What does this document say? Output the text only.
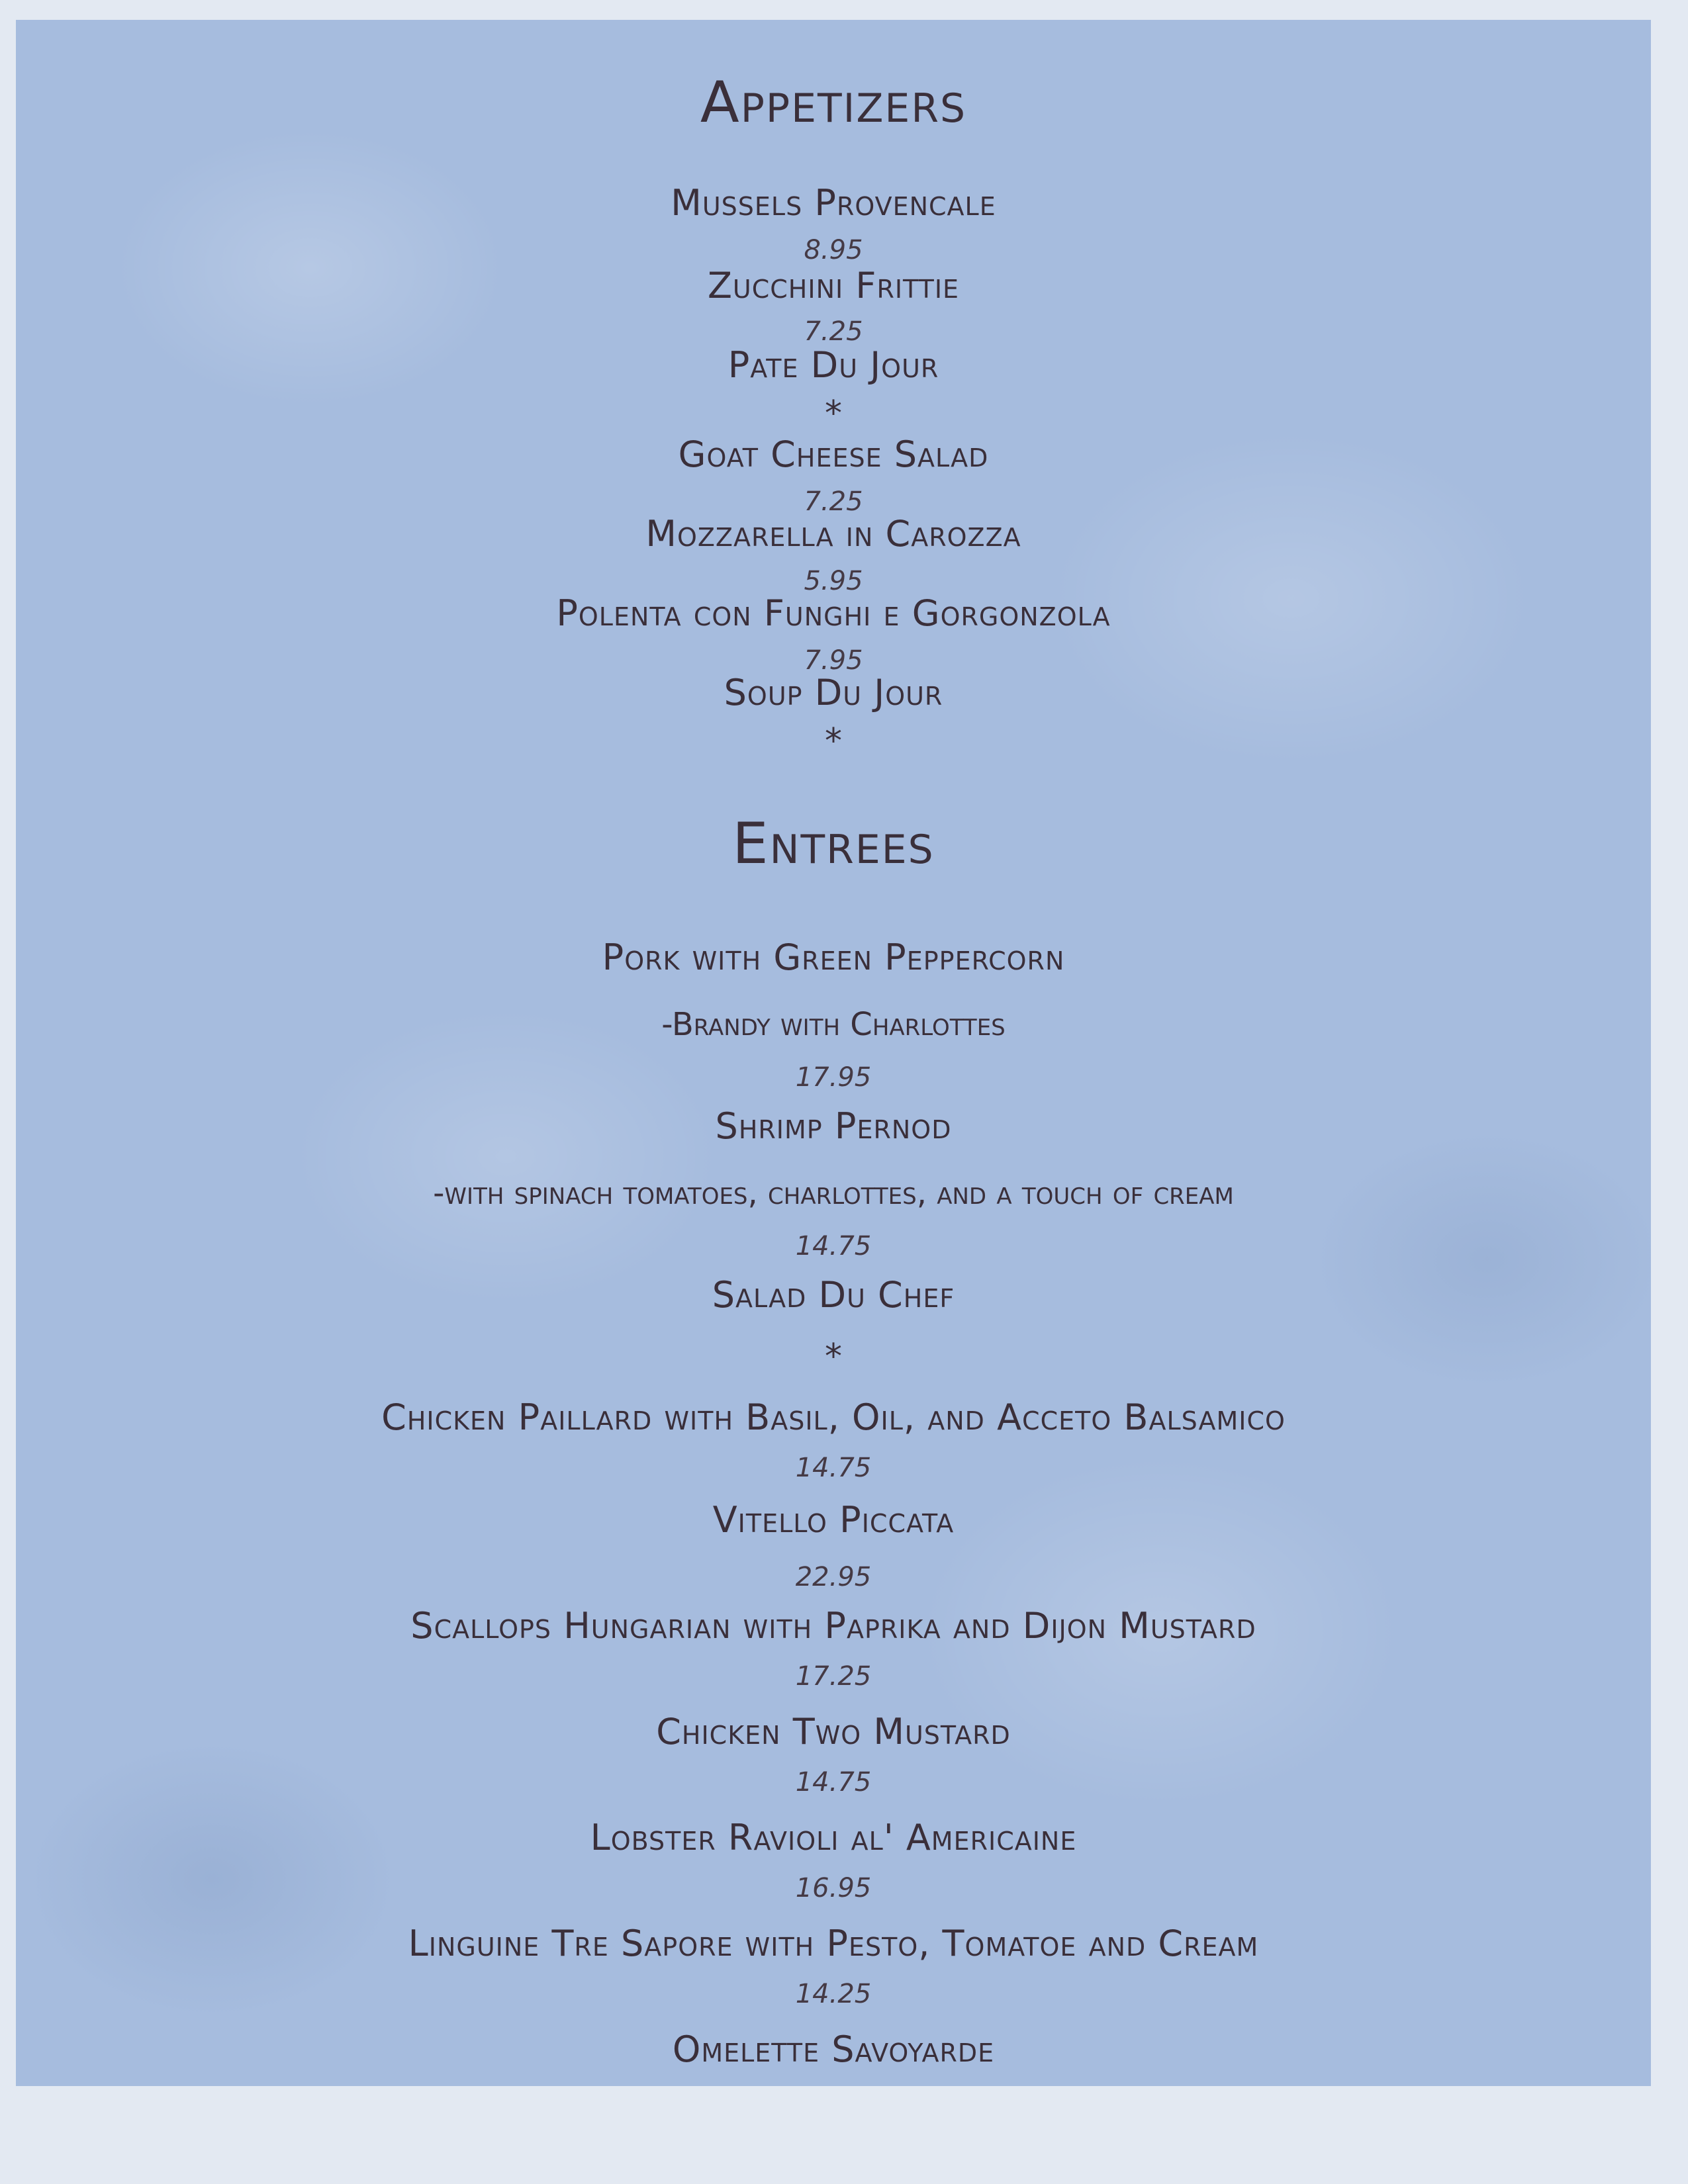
Appetizers
Mussels Provencale
8.95
Zucchini Frittie
7.25
Pate Du Jour
*
Goat Cheese Salad
7.25
Mozzarella in Carozza
5.95
Polenta con Funghi e Gorgonzola
7.95
Soup Du Jour
*
Entrees
Pork with Green Peppercorn
-Brandy with Charlottes
17.95
Shrimp Pernod
-with spinach tomatoes, charlottes, and a touch of cream
14.75
Salad Du Chef
*
Chicken Paillard with Basil, Oil, and Acceto Balsamico
14.75
Vitello Piccata
22.95
Scallops Hungarian with Paprika and Dijon Mustard
17.25
Chicken Two Mustard
14.75
Lobster Ravioli al' Americaine
16.95
Linguine Tre Sapore with Pesto, Tomatoe and Cream
14.25
Omelette Savoyarde
